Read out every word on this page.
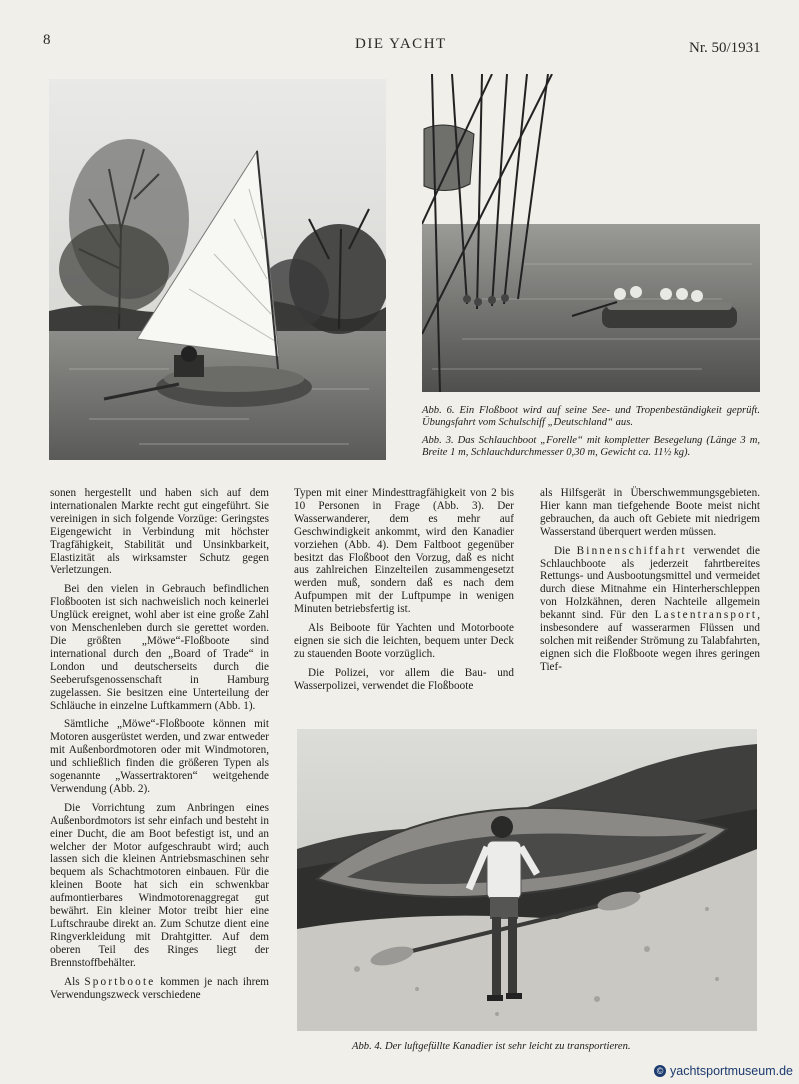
8	DIE YACHT	Nr. 50/1931

Abb. 6. Ein Floßboot wird auf seine See- und Tropenbeständigkeit geprüft. Übungsfahrt vom Schulschiff „Deutschland“ aus.

Abb. 3. Das Schlauchboot „Forelle“ mit kompletter Besegelung (Länge 3 m, Breite 1 m, Schlauchdurchmesser 0,30 m, Gewicht ca. 11½ kg).

sonen hergestellt und haben sich auf dem internationalen Markte recht gut eingeführt. Sie vereinigen in sich folgende Vorzüge: Geringstes Eigengewicht in Verbindung mit höchster Tragfähigkeit, Stabilität und Unsinkbarkeit, Elastizität als wirksamster Schutz gegen Verletzungen.

Bei den vielen in Gebrauch befindlichen Floßbooten ist sich nachweislich noch keinerlei Unglück ereignet, wohl aber ist eine große Zahl von Menschenleben durch sie gerettet worden. Die größten „Möwe“-Floßboote sind international durch den „Board of Trade“ in London und deutscherseits durch die Seeberufsgenossenschaft in Hamburg zugelassen. Sie besitzen eine Unterteilung der Schläuche in einzelne Luftkammern (Abb. 1).

Sämtliche „Möwe“-Floßboote können mit Motoren ausgerüstet werden, und zwar entweder mit Außenbordmotoren oder mit Windmotoren, und schließlich finden die größeren Typen als sogenannte „Wassertraktoren“ weitgehende Verwendung (Abb. 2).

Die Vorrichtung zum Anbringen eines Außenbordmotors ist sehr einfach und besteht in einer Ducht, die am Boot befestigt ist, und an welcher der Motor aufgeschraubt wird; auch lassen sich die kleinen Antriebsmaschinen sehr bequem als Schachtmotoren einbauen. Für die kleinen Boote hat sich ein schwenkbar aufmontierbares Windmotorenaggregat gut bewährt. Ein kleiner Motor treibt hier eine Luftschraube direkt an. Zum Schutze dient eine Ringverkleidung mit Drahtgitter. Auf dem oberen Teil des Ringes liegt der Brennstoffbehälter.

Als Sportboote kommen je nach ihrem Verwendungszweck verschiedene

Typen mit einer Mindesttragfähigkeit von 2 bis 10 Personen in Frage (Abb. 3). Der Wasserwanderer, dem es mehr auf Geschwindigkeit ankommt, wird den Kanadier vorziehen (Abb. 4). Dem Faltboot gegenüber besitzt das Floßboot den Vorzug, daß es nicht aus zahlreichen Einzelteilen zusammengesetzt werden muß, sondern daß es nach dem Aufpumpen mit der Luftpumpe in wenigen Minuten betriebsfertig ist.

Als Beiboote für Yachten und Motorboote eignen sie sich die leichten, bequem unter Deck zu stauenden Boote vorzüglich.

Die Polizei, vor allem die Bau- und Wasserpolizei, verwendet die Floßboote

als Hilfsgerät in Überschwemmungsgebieten. Hier kann man tiefgehende Boote meist nicht gebrauchen, da auch oft Gebiete mit niedrigem Wasserstand überquert werden müssen.

Die Binnenschiffahrt verwendet die Schlauchboote als jederzeit fahrtbereites Rettungs- und Ausbootungsmittel und vermeidet durch diese Mitnahme ein Hinterherschleppen von Holzkähnen, deren Nachteile allgemein bekannt sind. Für den Lastentransport, insbesondere auf wasserarmen Flüssen und solchen mit reißender Strömung zu Talabfahrten, eignen sich die Floßboote wegen ihres geringen Tief-

Abb. 4. Der luftgefüllte Kanadier ist sehr leicht zu transportieren.
© yachtsportmuseum.de
